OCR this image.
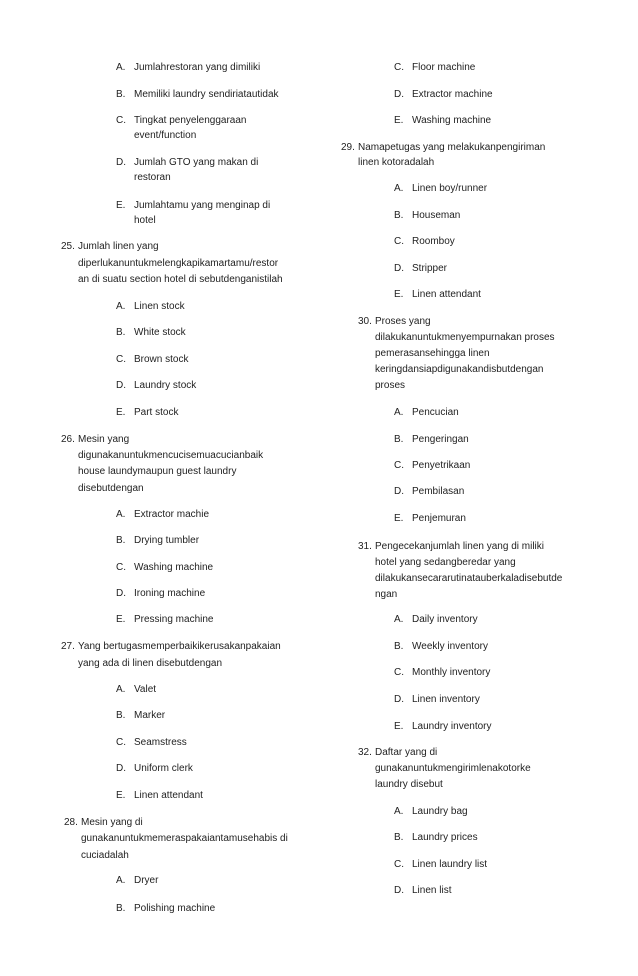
A. Jumlahrestoran yang dimiliki
B. Memiliki laundry sendiriatautidak
C. Tingkat penyelenggaraan
event/function
D. Jumlah GTO yang makan di
restoran
E. Jumlahtamu yang menginap di
hotel
25. Jumlah linen yang
diperlukanuntukmelengkapikamartamu/restor
an di suatu section hotel di sebutdenganistilah
A. Linen stock
B. White stock
C. Brown stock
D. Laundry stock
E. Part stock
26. Mesin yang
digunakanuntukmencucisemuacucianbaik
house laundymaupun guest laundry
disebutdengan
A. Extractor machie
B. Drying tumbler
C. Washing machine
D. Ironing machine
E. Pressing machine
27. Yang bertugasmemperbaikikerusakanpakaian
yang ada di linen disebutdengan
A. Valet
B. Marker
C. Seamstress
D. Uniform clerk
E. Linen attendant
28. Mesin yang di
gunakanuntukmemeraspakaiantamusehabis di
cuciadalah
A. Dryer
B. Polishing machine
C. Floor machine
D. Extractor machine
E. Washing machine
29. Namapetugas yang melakukanpengiriman
linen kotoradalah
A. Linen boy/runner
B. Houseman
C. Roomboy
D. Stripper
E. Linen attendant
30. Proses yang
dilakukanuntukmenyempurnakan proses
pemerasansehingga linen
keringdansiapdigunakandisbutdengan
proses
A. Pencucian
B. Pengeringan
C. Penyetrikaan
D. Pembilasan
E. Penjemuran
31. Pengecekanjumlah linen yang di miliki
hotel yang sedangberedar yang
dilakukansecararutinatauberkaladisebutde
ngan
A. Daily inventory
B. Weekly inventory
C. Monthly inventory
D. Linen inventory
E. Laundry inventory
32. Daftar yang di
gunakanuntukmengirimlenakotorke
laundry disebut
A. Laundry bag
B. Laundry prices
C. Linen laundry list
D. Linen list
